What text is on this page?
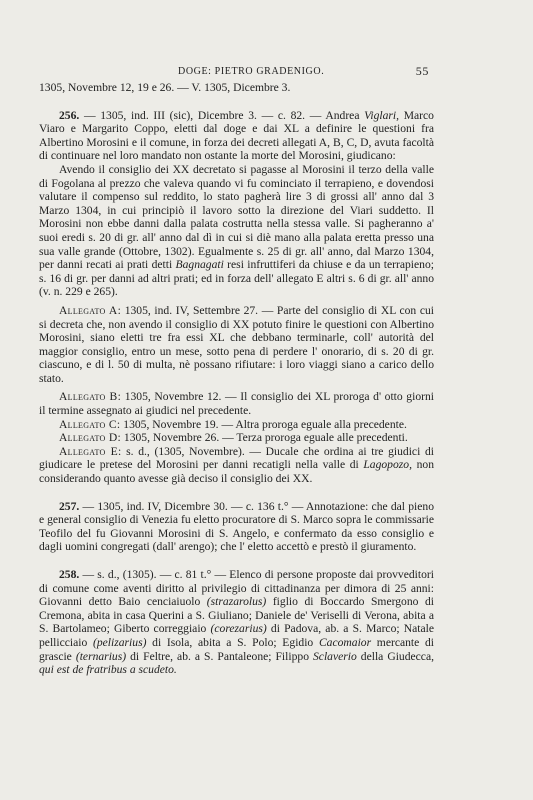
DOGE: PIETRO GRADENIGO.	55

1305, Novembre 12, 19 e 26. — V. 1305, Dicembre 3.

256. — 1305, ind. III (sic), Dicembre 3. — c. 82. — Andrea Viglari, Marco Viaro e Margarito Coppo, eletti dal doge e dai XL a definire le questioni fra Albertino Morosini e il comune, in forza dei decreti allegati A, B, C, D, avuta facoltà di continuare nel loro mandato non ostante la morte del Morosini, giudicano:

Avendo il consiglio dei XX decretato si pagasse al Morosini il terzo della valle di Fogolana al prezzo che valeva quando vi fu cominciato il terrapieno, e dovendosi valutare il compenso sul reddito, lo stato pagherà lire 3 di grossi all' anno dal 3 Marzo 1304, in cui principiò il lavoro sotto la direzione del Viari suddetto. Il Morosini non ebbe danni dalla palata costrutta nella stessa valle. Si pagheranno a' suoi eredi s. 20 di gr. all' anno dal dì in cui si diè mano alla palata eretta presso una sua valle grande (Ottobre, 1302). Egualmente s. 25 di gr. all' anno, dal Marzo 1304, per danni recati ai prati detti Bagnagati resi infruttiferi da chiuse e da un terrapieno; s. 16 di gr. per danni ad altri prati; ed in forza dell' allegato E altri s. 6 di gr. all' anno (v. n. 229 e 265).

Allegato A: 1305, ind. IV, Settembre 27. — Parte del consiglio di XL con cui si decreta che, non avendo il consiglio di XX potuto finire le questioni con Albertino Morosini, siano eletti tre fra essi XL che debbano terminarle, coll' autorità del maggior consiglio, entro un mese, sotto pena di perdere l' onorario, di s. 20 di gr. ciascuno, e di l. 50 di multa, nè possano rifiutare: i loro viaggi siano a carico dello stato.

Allegato B: 1305, Novembre 12. — Il consiglio dei XL proroga d' otto giorni il termine assegnato ai giudici nel precedente.

Allegato C: 1305, Novembre 19. — Altra proroga eguale alla precedente.

Allegato D: 1305, Novembre 26. — Terza proroga eguale alle precedenti.

Allegato E: s. d., (1305, Novembre). — Ducale che ordina ai tre giudici di giudicare le pretese del Morosini per danni recatigli nella valle di Lagopozo, non considerando quanto avesse già deciso il consiglio dei XX.

257. — 1305, ind. IV, Dicembre 30. — c. 136 t.° — Annotazione: che dal pieno e general consiglio di Venezia fu eletto procuratore di S. Marco sopra le commissarie Teofilo del fu Giovanni Morosini di S. Angelo, e confermato da esso consiglio e dagli uomini congregati (dall' arengo); che l' eletto accettò e prestò il giuramento.

258. — s. d., (1305). — c. 81 t.° — Elenco di persone proposte dai provveditori di comune come aventi diritto al privilegio di cittadinanza per dimora di 25 anni: Giovanni detto Baio cenciaiuolo (strazarolus) figlio di Boccardo Smergono di Cremona, abita in casa Querini a S. Giuliano; Daniele de' Veriselli di Verona, abita a S. Bartolameo; Giberto correggiaio (corezarius) di Padova, ab. a S. Marco; Natale pellicciaio (pelizarius) di Isola, abita a S. Polo; Egidio Cacomaior mercante di grascie (ternarius) di Feltre, ab. a S. Pantaleone; Filippo Sclaverio della Giudecca, qui est de fratribus a scudeto.
